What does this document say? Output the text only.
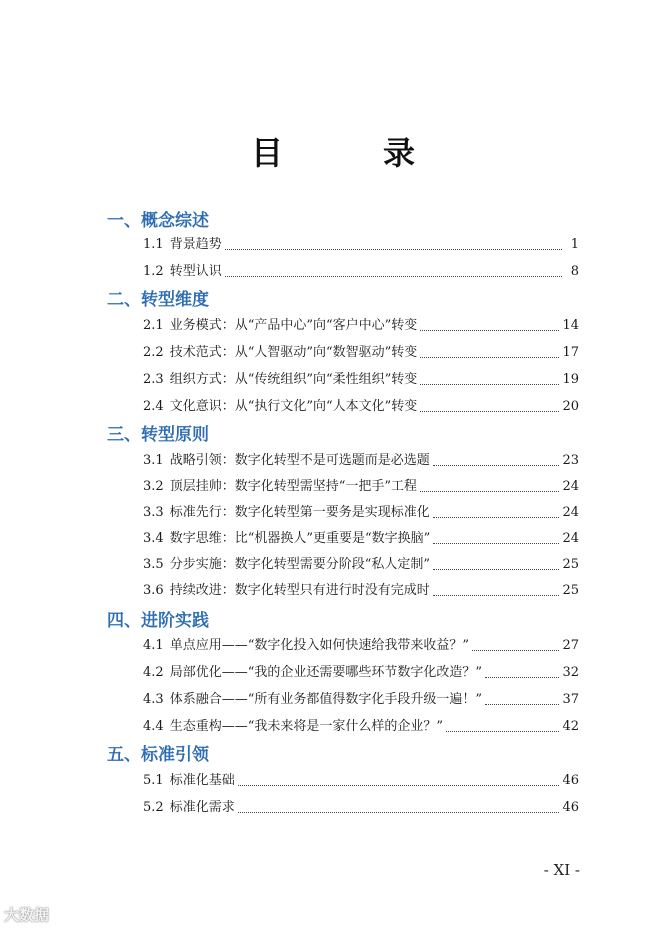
目　录
一、概念综述
1.1 背景趋势	1
1.2 转型认识	8
二、转型维度
2.1 业务模式：从“产品中心”向“客户中心”转变	14
2.2 技术范式：从“人智驱动”向“数智驱动”转变	17
2.3 组织方式：从“传统组织”向“柔性组织”转变	19
2.4 文化意识：从“执行文化”向“人本文化”转变	20
三、转型原则
3.1 战略引领：数字化转型不是可选题而是必选题	23
3.2 顶层挂帅：数字化转型需坚持“一把手”工程	24
3.3 标准先行：数字化转型第一要务是实现标准化	24
3.4 数字思维：比“机器换人”更重要是“数字换脑”	24
3.5 分步实施：数字化转型需要分阶段“私人定制”	25
3.6 持续改进：数字化转型只有进行时没有完成时	25
四、进阶实践
4.1 单点应用——“数字化投入如何快速给我带来收益？”	27
4.2 局部优化——“我的企业还需要哪些环节数字化改造？”	32
4.3 体系融合——“所有业务都值得数字化手段升级一遍！”	37
4.4 生态重构——“我未来将是一家什么样的企业？”	42
五、标准引领
5.1 标准化基础	46
5.2 标准化需求	46
- XI -
大数据
